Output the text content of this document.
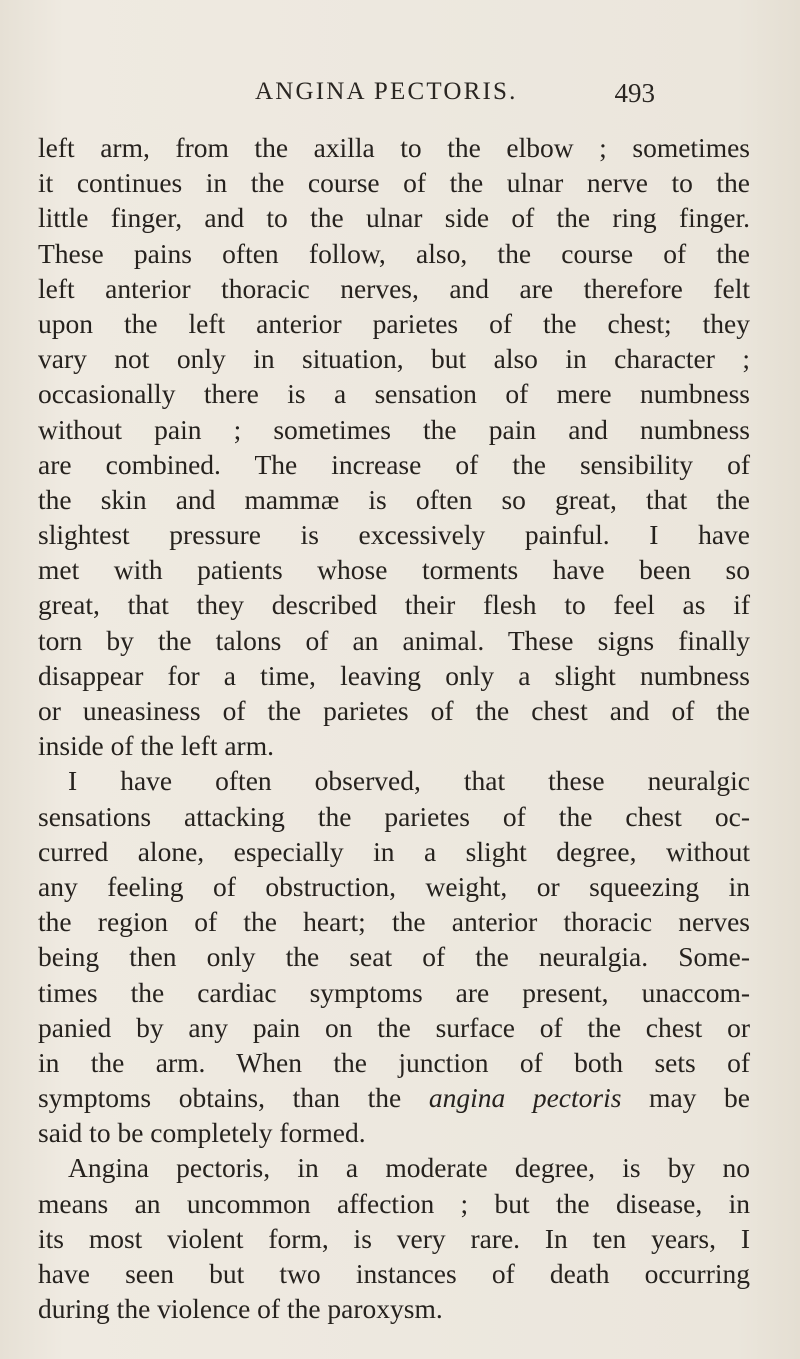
ANGINA PECTORIS.	493
left arm, from the axilla to the elbow ; sometimes
it continues in the course of the ulnar nerve to the
little finger, and to the ulnar side of the ring finger.
These pains often follow, also, the course of the
left anterior thoracic nerves, and are therefore felt
upon the left anterior parietes of the chest; they
vary not only in situation, but also in character ;
occasionally there is a sensation of mere numbness
without pain ; sometimes the pain and numbness
are combined. The increase of the sensibility of
the skin and mammæ is often so great, that the
slightest pressure is excessively painful. I have
met with patients whose torments have been so
great, that they described their flesh to feel as if
torn by the talons of an animal. These signs finally
disappear for a time, leaving only a slight numbness
or uneasiness of the parietes of the chest and of the
inside of the left arm.
I have often observed, that these neuralgic
sensations attacking the parietes of the chest oc-
curred alone, especially in a slight degree, without
any feeling of obstruction, weight, or squeezing in
the region of the heart; the anterior thoracic nerves
being then only the seat of the neuralgia. Some-
times the cardiac symptoms are present, unaccom-
panied by any pain on the surface of the chest or
in the arm. When the junction of both sets of
symptoms obtains, than the angina pectoris may be
said to be completely formed.
Angina pectoris, in a moderate degree, is by no
means an uncommon affection ; but the disease, in
its most violent form, is very rare. In ten years, I
have seen but two instances of death occurring
during the violence of the paroxysm.
